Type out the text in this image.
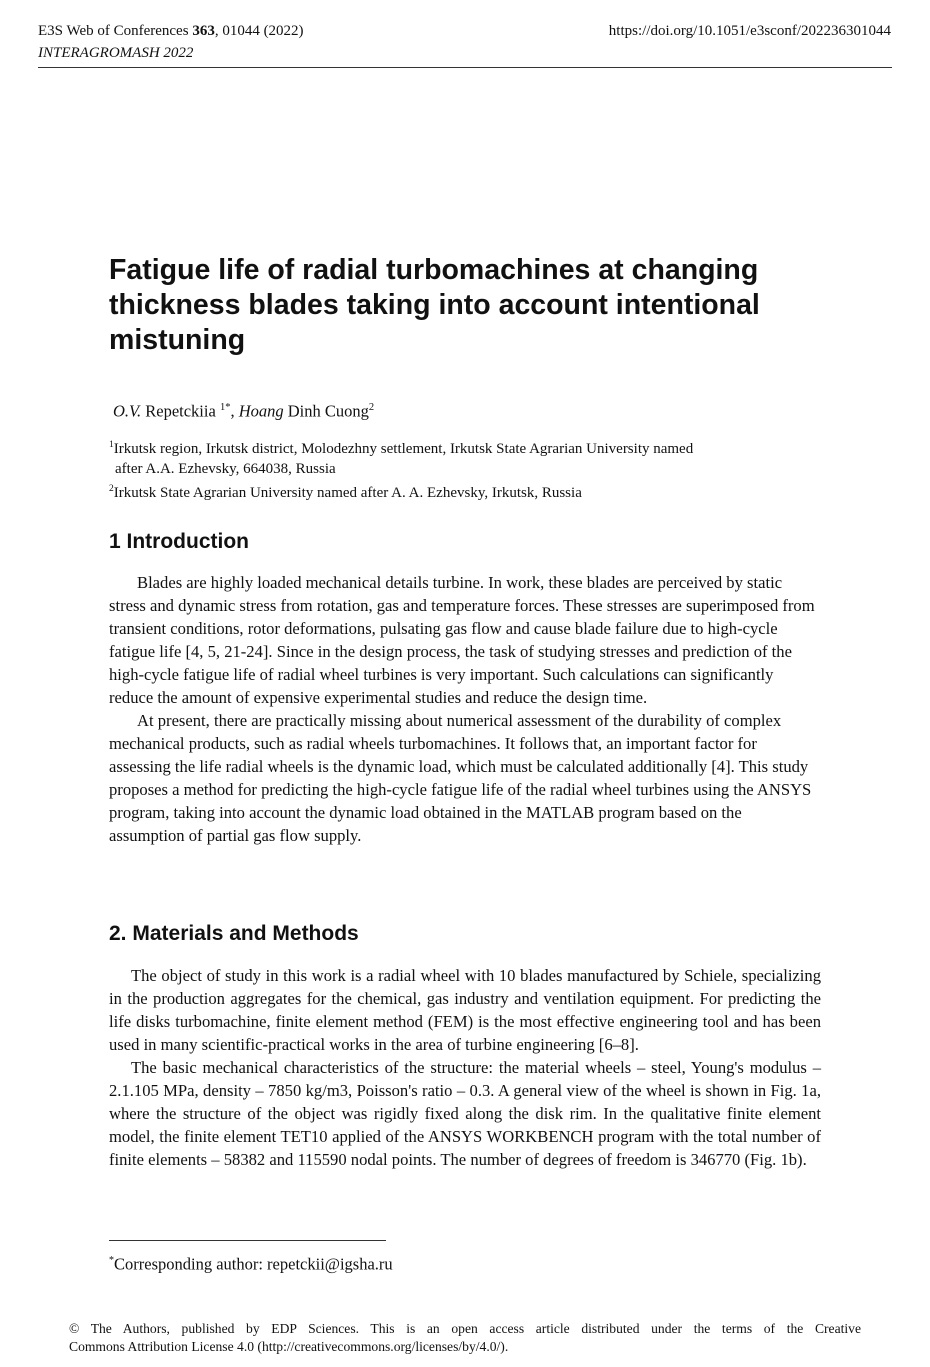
E3S Web of Conferences 363, 01044 (2022)
INTERAGROMASH 2022
https://doi.org/10.1051/e3sconf/202236301044
Fatigue life of radial turbomachines at changing thickness blades taking into account intentional mistuning
O.V. Repetckiia $^{1*}$, Hoang Dinh Cuong$^2$
$^1$Irkutsk region, Irkutsk district, Molodezhny settlement, Irkutsk State Agrarian University named
after A.A. Ezhevsky, 664038, Russia
$^2$Irkutsk State Agrarian University named after A. A. Ezhevsky, Irkutsk, Russia
1 Introduction

Blades are highly loaded mechanical details turbine. In work, these blades are perceived by static stress and dynamic stress from rotation, gas and temperature forces. These stresses are superimposed from transient conditions, rotor deformations, pulsating gas flow and cause blade failure due to high-cycle fatigue life [4, 5, 21-24]. Since in the design process, the task of studying stresses and prediction of the high-cycle fatigue life of radial wheel turbines is very important. Such calculations can significantly reduce the amount of expensive experimental studies and reduce the design time.

At present, there are practically missing about numerical assessment of the durability of complex mechanical products, such as radial wheels turbomachines. It follows that, an important factor for assessing the life radial wheels is the dynamic load, which must be calculated additionally [4]. This study proposes a method for predicting the high-cycle fatigue life of the radial wheel turbines using the ANSYS program, taking into account the dynamic load obtained in the MATLAB program based on the assumption of partial gas flow supply.

2. Materials and Methods

The object of study in this work is a radial wheel with 10 blades manufactured by Schiele, specializing in the production aggregates for the chemical, gas industry and ventilation equipment. For predicting the life disks turbomachine, finite element method (FEM) is the most effective engineering tool and has been used in many scientific-practical works in the area of turbine engineering [6–8].

The basic mechanical characteristics of the structure: the material wheels – steel, Young's modulus – 2.1.105 MPa, density – 7850 kg/m3, Poisson's ratio – 0.3. A general view of the wheel is shown in Fig. 1a, where the structure of the object was rigidly fixed along the disk rim. In the qualitative finite element model, the finite element TET10 applied of the ANSYS WORKBENCH program with the total number of finite elements – 58382 and 115590 nodal points. The number of degrees of freedom is 346770 (Fig. 1b).

*Corresponding author: repetckii@igsha.ru
© The Authors, published by EDP Sciences. This is an open access article distributed under the terms of the Creative
Commons Attribution License 4.0 (http://creativecommons.org/licenses/by/4.0/).
